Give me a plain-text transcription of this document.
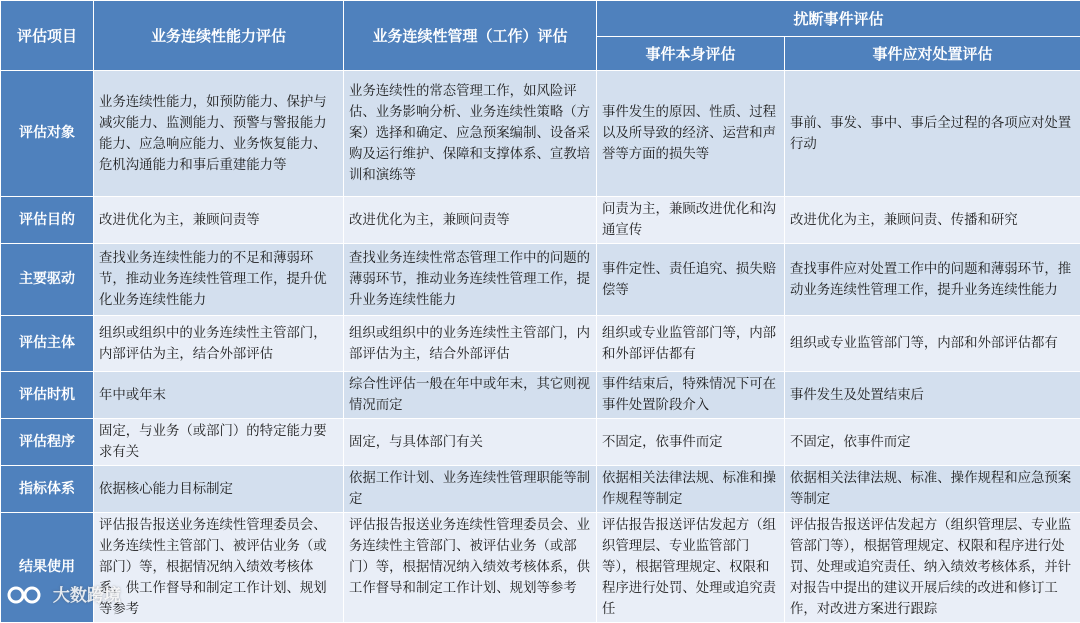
评估项目	业务连续性能力评估	业务连续性管理（工作）评估	扰断事件评估	
			事件本身评估	事件应对处置评估
评估对象	业务连续性能力，如预防能力、保护与减灾能力、监测能力、预警与警报能力能力、应急响应能力、业务恢复能力、危机沟通能力和事后重建能力等	业务连续性的常态管理工作，如风险评估、业务影响分析、业务连续性策略（方案）选择和确定、应急预案编制、设备采购及运行维护、保障和支撑体系、宣教培训和演练等	事件发生的原因、性质、过程以及所导致的经济、运营和声誉等方面的损失等	事前、事发、事中、事后全过程的各项应对处置行动
评估目的	改进优化为主，兼顾问责等	改进优化为主，兼顾问责等	问责为主，兼顾改进优化和沟通宣传	改进优化为主，兼顾问责、传播和研究
主要驱动	查找业务连续性能力的不足和薄弱环节，推动业务连续性管理工作，提升优化业务连续性能力	查找业务连续性常态管理工作中的问题的薄弱环节，推动业务连续性管理工作，提升业务连续性能力	事件定性、责任追究、损失赔偿等	查找事件应对处置工作中的问题和薄弱环节，推动业务连续性管理工作，提升业务连续性能力
评估主体	组织或组织中的业务连续性主管部门，内部评估为主，结合外部评估	组织或组织中的业务连续性主管部门，内部评估为主，结合外部评估	组织或专业监管部门等，内部和外部评估都有	组织或专业监管部门等，内部和外部评估都有
评估时机	年中或年末	综合性评估一般在年中或年末，其它则视情况而定	事件结束后，特殊情况下可在事件处置阶段介入	事件发生及处置结束后
评估程序	固定，与业务（或部门）的特定能力要求有关	固定，与具体部门有关	不固定，依事件而定	不固定，依事件而定
指标体系	依据核心能力目标制定	依据工作计划、业务连续性管理职能等制定	依据相关法律法规、标准和操作规程等制定	依据相关法律法规、标准、操作规程和应急预案等制定
结果使用	评估报告报送业务连续性管理委员会、业务连续性主管部门、被评估业务（或部门）等，根据情况纳入绩效考核体系，供工作督导和制定工作计划、规划等参考	评估报告报送业务连续性管理委员会、业务连续性主管部门、被评估业务（或部门）等，根据情况纳入绩效考核体系，供工作督导和制定工作计划、规划等参考	评估报告报送评估发起方（组织管理层、专业监管部门等），根据管理规定、权限和程序进行处罚、处理或追究责任	评估报告报送评估发起方（组织管理层、专业监管部门等），根据管理规定、权限和程序进行处罚、处理或追究责任、纳入绩效考核体系，并针对报告中提出的建议开展后续的改进和修订工作，对改进方案进行跟踪
大数跨境
